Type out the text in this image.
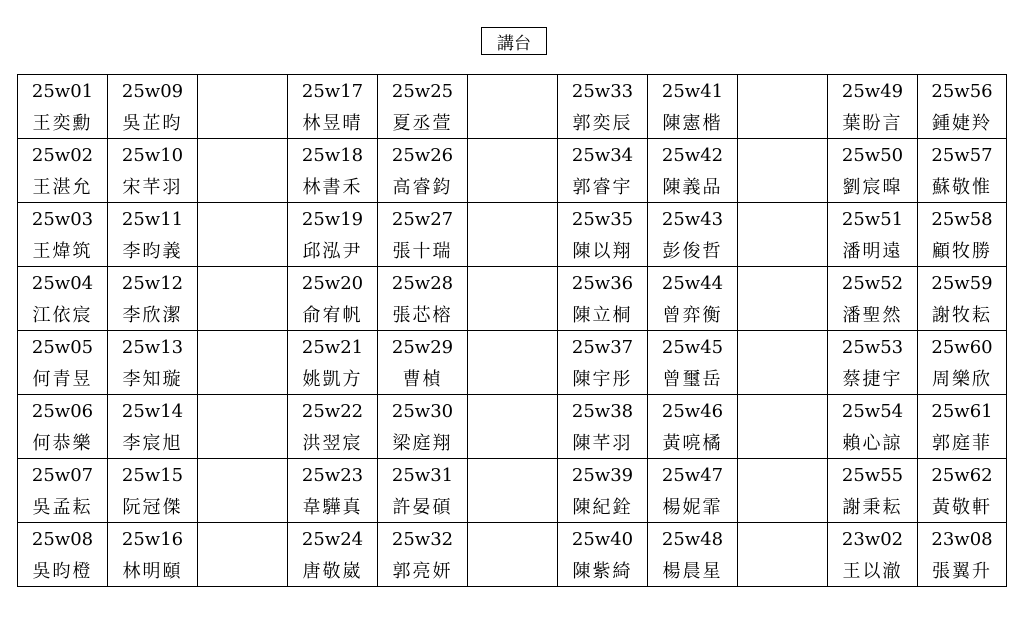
講台
25w01	25w09		25w17	25w25		25w33	25w41		25w49	25w56
王奕勳	吳芷昀		林昱晴	夏丞萱		郭奕辰	陳憲楷		葉盼言	鍾婕羚
25w02	25w10		25w18	25w26		25w34	25w42		25w50	25w57
王湛允	宋芊羽		林書禾	高睿鈞		郭睿宇	陳義品		劉宸暭	蘇敬惟
25w03	25w11		25w19	25w27		25w35	25w43		25w51	25w58
王煒筑	李昀義		邱泓尹	張十瑞		陳以翔	彭俊哲		潘明遠	顧牧勝
25w04	25w12		25w20	25w28		25w36	25w44		25w52	25w59
江依宸	李欣潔		俞宥帆	張芯榕		陳立桐	曾弈衡		潘聖然	謝牧耘
25w05	25w13		25w21	25w29		25w37	25w45		25w53	25w60
何青昱	李知璇		姚凱方	曹楨		陳宇彤	曾璽岳		蔡捷宇	周樂欣
25w06	25w14		25w22	25w30		25w38	25w46		25w54	25w61
何恭樂	李宸旭		洪翌宸	梁庭翔		陳芊羽	黃喨橘		賴心諒	郭庭菲
25w07	25w15		25w23	25w31		25w39	25w47		25w55	25w62
吳孟耘	阮冠傑		韋驊真	許晏碩		陳紀銓	楊妮霏		謝秉耘	黃敬軒
25w08	25w16		25w24	25w32		25w40	25w48		23w02	23w08
吳昀橙	林明頤		唐敬崴	郭亮妍		陳紫綺	楊晨星		王以澈	張翼升
